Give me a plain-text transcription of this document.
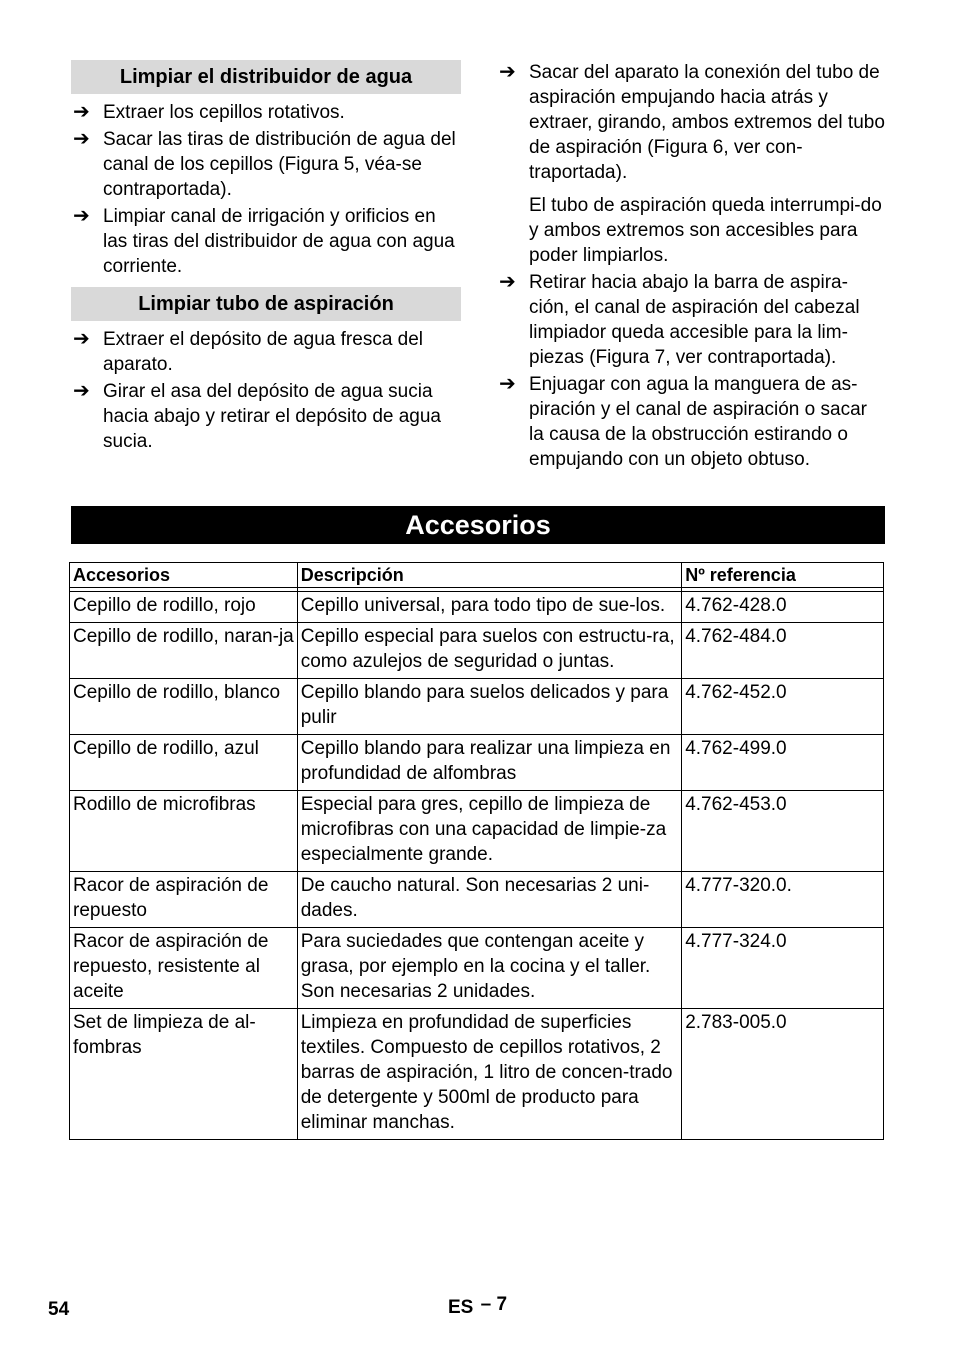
Limpiar el distribuidor de agua
➔ Extraer los cepillos rotativos.
➔ Sacar las tiras de distribución de agua del canal de los cepillos (Figura 5, véa-se contraportada).
➔ Limpiar canal de irrigación y orificios en las tiras del distribuidor de agua con agua corriente.
Limpiar tubo de aspiración
➔ Extraer el depósito de agua fresca del aparato.
➔ Girar el asa del depósito de agua sucia hacia abajo y retirar el depósito de agua sucia.
➔ Sacar del aparato la conexión del tubo de aspiración empujando hacia atrás y extraer, girando, ambos extremos del tubo de aspiración (Figura 6, ver con-traportada).
El tubo de aspiración queda interrumpi-do y ambos extremos son accesibles para poder limpiarlos.
➔ Retirar hacia abajo la barra de aspira-ción, el canal de aspiración del cabezal limpiador queda accesible para la lim-piezas (Figura 7, ver contraportada).
➔ Enjuagar con agua la manguera de as-piración y el canal de aspiración o sacar la causa de la obstrucción estirando o empujando con un objeto obtuso.
Accesorios
Accesorios	Descripción	Nº referencia

Cepillo de rodillo, rojo	Cepillo universal, para todo tipo de sue-los.	4.762-428.0
Cepillo de rodillo, naran-ja	Cepillo especial para suelos con estructu-ra, como azulejos de seguridad o juntas.	4.762-484.0
Cepillo de rodillo, blanco	Cepillo blando para suelos delicados y para pulir	4.762-452.0
Cepillo de rodillo, azul	Cepillo blando para realizar una limpieza en profundidad de alfombras	4.762-499.0
Rodillo de microfibras	Especial para gres, cepillo de limpieza de microfibras con una capacidad de limpie-za especialmente grande.	4.762-453.0
Racor de aspiración de repuesto	De caucho natural. Son necesarias 2 uni-dades.	4.777-320.0.
Racor de aspiración de repuesto, resistente al aceite	Para suciedades que contengan aceite y grasa, por ejemplo en la cocina y el taller. Son necesarias 2 unidades.	4.777-324.0
Set de limpieza de al-fombras	Limpieza en profundidad de superficies textiles. Compuesto de cepillos rotativos, 2 barras de aspiración, 1 litro de concen-trado de detergente y 500ml de producto para eliminar manchas.	2.783-005.0
54	ES – 7
